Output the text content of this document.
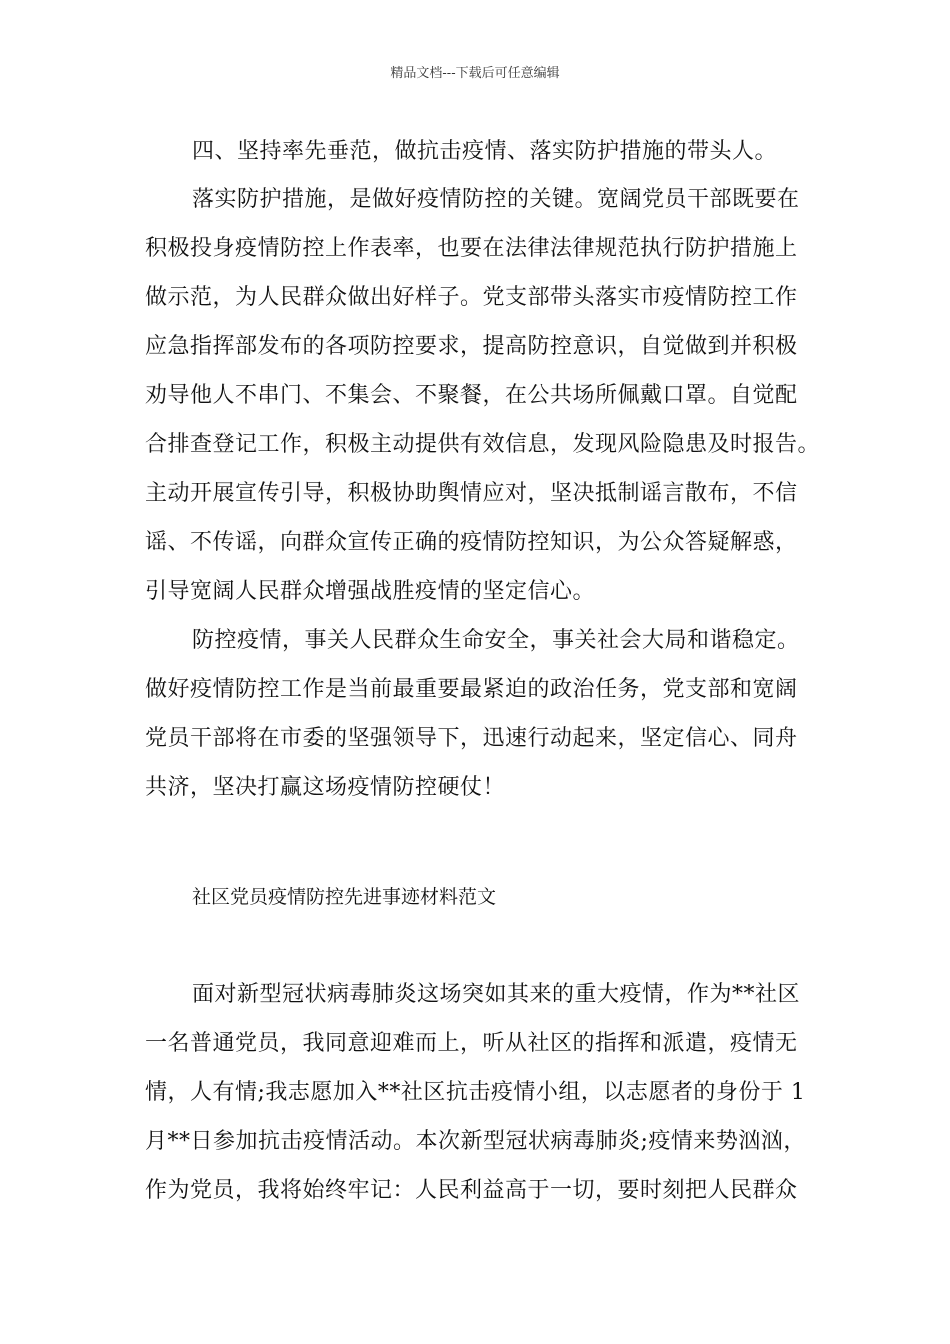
精品文档---下载后可任意编辑
四、坚持率先垂范，做抗击疫情、落实防护措施的带头人。
落实防护措施，是做好疫情防控的关键。宽阔党员干部既要在
积极投身疫情防控上作表率，也要在法律法律规范执行防护措施上
做示范，为人民群众做出好样子。党支部带头落实市疫情防控工作
应急指挥部发布的各项防控要求，提高防控意识，自觉做到并积极
劝导他人不串门、不集会、不聚餐，在公共场所佩戴口罩。自觉配
合排查登记工作，积极主动提供有效信息，发现风险隐患及时报告。
主动开展宣传引导，积极协助舆情应对，坚决抵制谣言散布，不信
谣、不传谣，向群众宣传正确的疫情防控知识，为公众答疑解惑，
引导宽阔人民群众增强战胜疫情的坚定信心。
防控疫情，事关人民群众生命安全，事关社会大局和谐稳定。
做好疫情防控工作是当前最重要最紧迫的政治任务，党支部和宽阔
党员干部将在市委的坚强领导下，迅速行动起来，坚定信心、同舟
共济，坚决打赢这场疫情防控硬仗！
社区党员疫情防控先进事迹材料范文
面对新型冠状病毒肺炎这场突如其来的重大疫情，作为**社区
一名普通党员，我同意迎难而上，听从社区的指挥和派遣，疫情无
情，人有情;我志愿加入**社区抗击疫情小组，以志愿者的身份于 1
月**日参加抗击疫情活动。本次新型冠状病毒肺炎;疫情来势汹汹，
作为党员，我将始终牢记：人民利益高于一切，要时刻把人民群众
